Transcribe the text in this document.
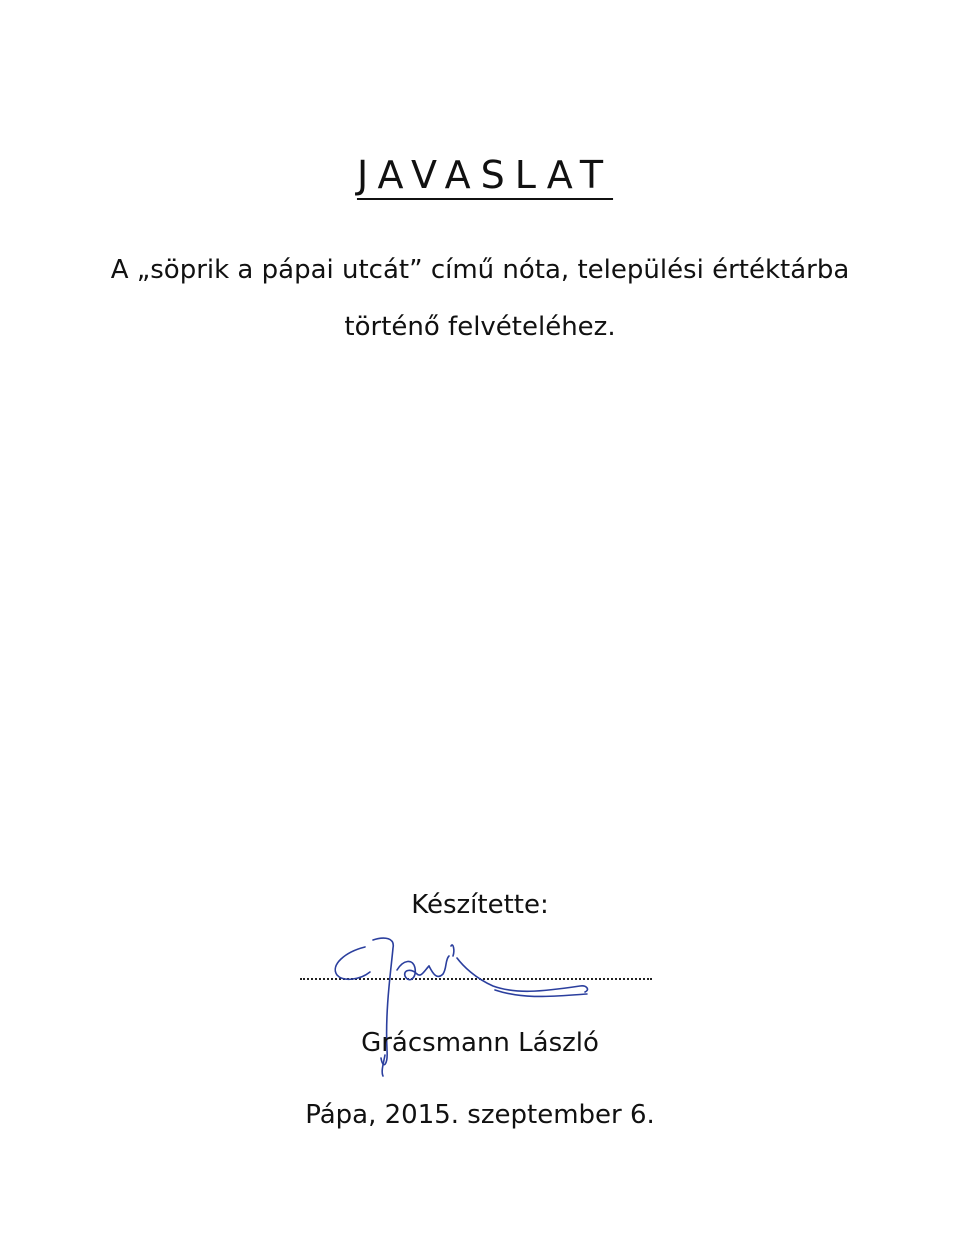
JAVASLAT
A „söprik a pápai utcát” című nóta, települési értéktárba
történő felvételéhez.
Készítette:
Grácsmann László
Pápa, 2015. szeptember 6.
